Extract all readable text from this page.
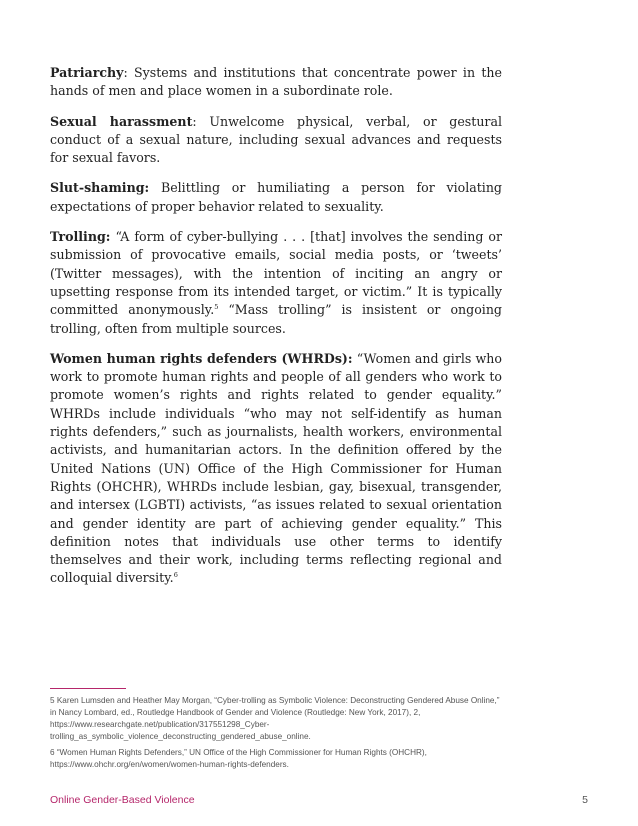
Patriarchy: Systems and institutions that concentrate power in the hands of men and place women in a subordinate role.

Sexual harassment: Unwelcome physical, verbal, or gestural conduct of a sexual nature, including sexual advances and requests for sexual favors.

Slut-shaming: Belittling or humiliating a person for violating expectations of proper behavior related to sexuality.

Trolling: “A form of cyber-bullying . . . [that] involves the sending or submission of provocative emails, social media posts, or ‘tweets’ (Twitter messages), with the intention of inciting an angry or upsetting response from its intended target, or victim.” It is typically committed anonymously.$^5$ “Mass trolling” is insistent or ongoing trolling, often from multiple sources.

Women human rights defenders (WHRDs): “Women and girls who work to promote human rights and people of all genders who work to promote women’s rights and rights related to gender equality.” WHRDs include individuals “who may not self-identify as human rights defenders,” such as journalists, health workers, environmental activists, and humanitarian actors. In the definition offered by the United Nations (UN) Office of the High Commissioner for Human Rights (OHCHR), WHRDs include lesbian, gay, bisexual, transgender, and intersex (LGBTI) activists, “as issues related to sexual orientation and gender identity are part of achieving gender equality.” This definition notes that individuals use other terms to identify themselves and their work, including terms reflecting regional and colloquial diversity.$^6$

5 Karen Lumsden and Heather May Morgan, “Cyber-trolling as Symbolic Violence: Deconstructing Gendered Abuse Online,” in Nancy Lombard, ed., Routledge Handbook of Gender and Violence (Routledge: New York, 2017), 2, https://www.researchgate.net/publication/317551298_Cyber-trolling_as_symbolic_violence_deconstructing_gendered_abuse_online.

6 “Women Human Rights Defenders,” UN Office of the High Commissioner for Human Rights (OHCHR), https://www.ohchr.org/en/women/women-human-rights-defenders.

Online Gender-Based Violence	5
